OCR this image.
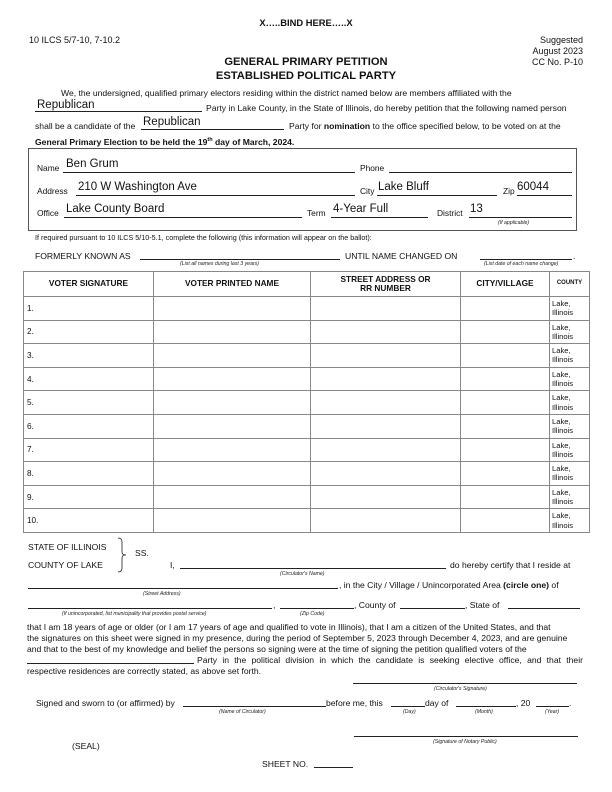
X…..BIND HERE…..X
10 ILCS 5/7-10, 7-10.2	Suggested
August 2023
CC No. P-10
GENERAL PRIMARY PETITION
ESTABLISHED POLITICAL PARTY
We, the undersigned, qualified primary electors residing within the district named below are members affiliated with the
Republican	Party in Lake County, in the State of Illinois, do hereby petition that the following named person
shall be a candidate of the Republican	Party for nomination to the office specified below, to be voted on at the
General Primary Election to be held the 19th day of March, 2024.
Name Ben Grum	Phone
Address 210 W Washington Ave	City Lake Bluff	Zip 60044
Office Lake County Board	Term 4-Year Full	District 13
(If applicable)
If required pursuant to 10 ILCS 5/10-5.1, complete the following (this information will appear on the ballot):
FORMERLY KNOWN AS
(List all names during last 3 years)
UNTIL NAME CHANGED ON	.
(List date of each name change)
VOTER SIGNATURE	VOTER PRINTED NAME	STREET ADDRESS OR
RR NUMBER	CITY/VILLAGE	COUNTY
1.				Lake,
Illinois

2.				Lake,
Illinois

3.				Lake,
Illinois

4.				Lake,
Illinois

5.				Lake,
Illinois

6.				Lake,
Illinois

7.				Lake,
Illinois

8.				Lake,
Illinois

9.				Lake,
Illinois

10.				Lake,
Illinois
STATE OF ILLINOIS
COUNTY OF LAKE
SS.
I,	do hereby certify that I reside at
(Circulator's Name)
, in the City / Village / Unincorporated Area (circle one) of
(Street Address)
,	, County of	, State of
(If unincorporated, list municipality that provides postal service)	(Zip Code)
that I am 18 years of age or older (or I am 17 years of age and qualified to vote in Illinois), that I am a citizen of the United States, and that
the signatures on this sheet were signed in my presence, during the period of September 5, 2023 through December 4, 2023, and are genuine
and that to the best of my knowledge and belief the persons so signing were at the time of signing the petition qualified voters of the
Party in the political division in which the candidate is seeking elective office, and that their
respective residences are correctly stated, as above set forth.
(Circulator's Signature)
Signed and sworn to (or affirmed) by	before me, this	day of	, 20	.
(Name of Circulator)	(Day)	(Month)	(Year)
(Signature of Notary Public)
(SEAL)
SHEET NO.
